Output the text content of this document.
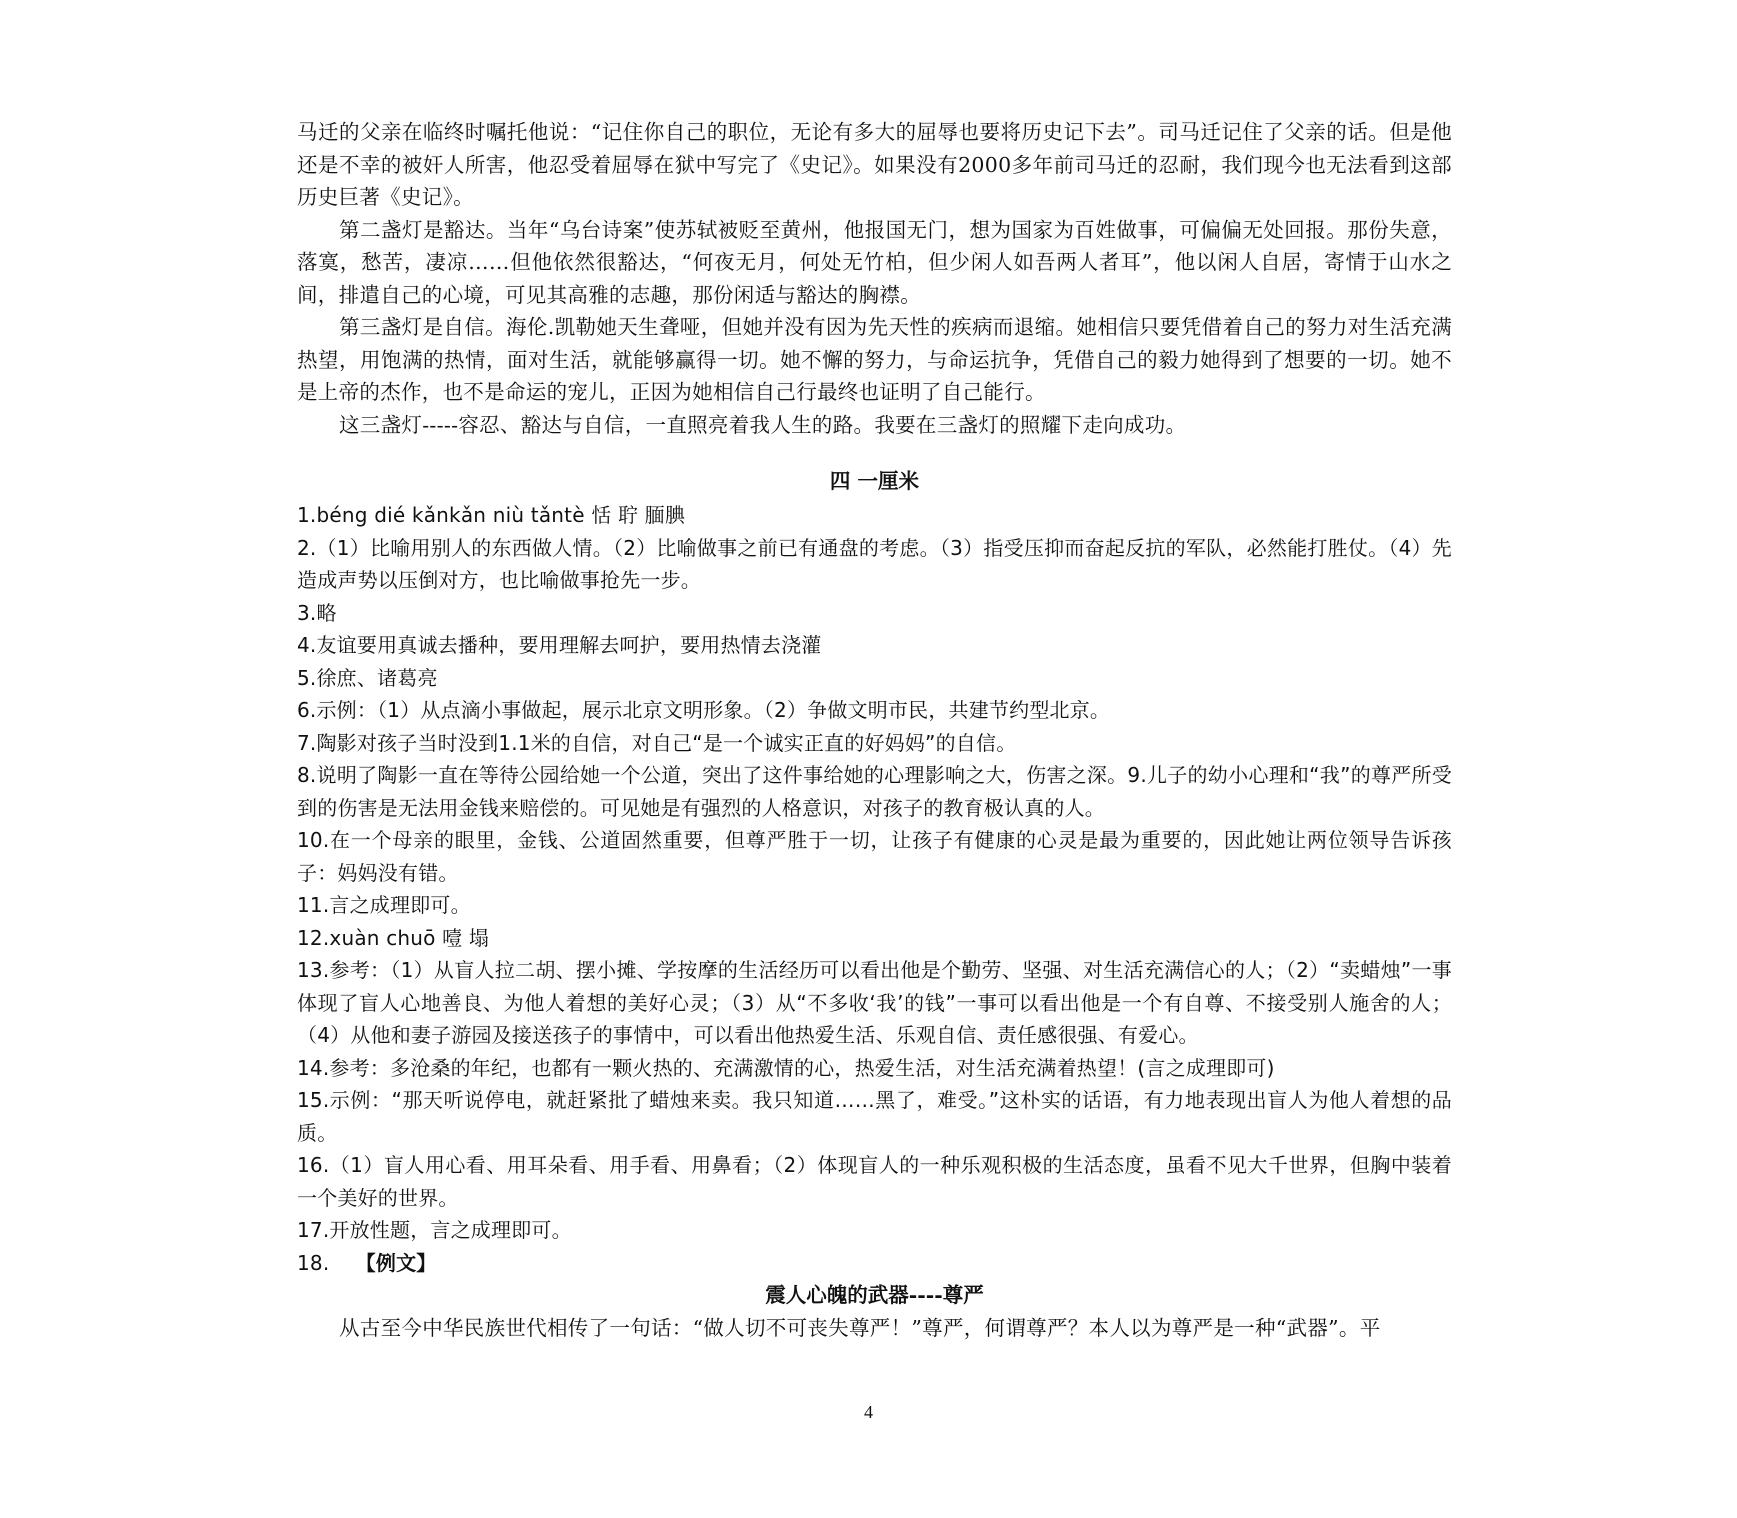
马迁的父亲在临终时嘱托他说：“记住你自己的职位，无论有多大的屈辱也要将历史记下去”。司马迁记住了父亲的话。但是他还是不幸的被奸人所害，他忍受着屈辱在狱中写完了《史记》。如果没有2000多年前司马迁的忍耐，我们现今也无法看到这部历史巨著《史记》。

第二盏灯是豁达。当年“乌台诗案”使苏轼被贬至黄州，他报国无门，想为国家为百姓做事，可偏偏无处回报。那份失意，落寞，愁苦，凄凉……但他依然很豁达，“何夜无月，何处无竹柏，但少闲人如吾两人者耳”，他以闲人自居，寄情于山水之间，排遣自己的心境，可见其高雅的志趣，那份闲适与豁达的胸襟。

第三盏灯是自信。海伦.凯勒她天生聋哑，但她并没有因为先天性的疾病而退缩。她相信只要凭借着自己的努力对生活充满热望，用饱满的热情，面对生活，就能够赢得一切。她不懈的努力，与命运抗争，凭借自己的毅力她得到了想要的一切。她不是上帝的杰作，也不是命运的宠儿，正因为她相信自己行最终也证明了自己能行。

这三盏灯-----容忍、豁达与自信，一直照亮着我人生的路。我要在三盏灯的照耀下走向成功。

四 一厘米

1.béng dié kǎnkǎn niù tǎntè 恬 聍 腼腆

2.（1）比喻用别人的东西做人情。（2）比喻做事之前已有通盘的考虑。（3）指受压抑而奋起反抗的军队，必然能打胜仗。（4）先造成声势以压倒对方，也比喻做事抢先一步。

3.略

4.友谊要用真诚去播种，要用理解去呵护，要用热情去浇灌

5.徐庶、诸葛亮

6.示例：（1）从点滴小事做起，展示北京文明形象。（2）争做文明市民，共建节约型北京。

7.陶影对孩子当时没到1.1米的自信，对自己“是一个诚实正直的好妈妈”的自信。

8.说明了陶影一直在等待公园给她一个公道，突出了这件事给她的心理影响之大，伤害之深。9.儿子的幼小心理和“我”的尊严所受到的伤害是无法用金钱来赔偿的。可见她是有强烈的人格意识，对孩子的教育极认真的人。

10.在一个母亲的眼里，金钱、公道固然重要，但尊严胜于一切，让孩子有健康的心灵是最为重要的，因此她让两位领导告诉孩子：妈妈没有错。

11.言之成理即可。

12.xuàn chuō 噎 塌

13.参考：（1）从盲人拉二胡、摆小摊、学按摩的生活经历可以看出他是个勤劳、坚强、对生活充满信心的人；（2）“卖蜡烛”一事体现了盲人心地善良、为他人着想的美好心灵；（3）从“不多收‘我’的钱”一事可以看出他是一个有自尊、不接受别人施舍的人；（4）从他和妻子游园及接送孩子的事情中，可以看出他热爱生活、乐观自信、责任感很强、有爱心。

14.参考：多沧桑的年纪，也都有一颗火热的、充满激情的心，热爱生活，对生活充满着热望！(言之成理即可)

15.示例：“那天听说停电，就赶紧批了蜡烛来卖。我只知道……黑了，难受。”这朴实的话语，有力地表现出盲人为他人着想的品质。

16.（1）盲人用心看、用耳朵看、用手看、用鼻看；（2）体现盲人的一种乐观积极的生活态度，虽看不见大千世界，但胸中装着一个美好的世界。

17.开放性题，言之成理即可。

18. 【例文】

震人心魄的武器----尊严

从古至今中华民族世代相传了一句话：“做人切不可丧失尊严！”尊严，何谓尊严？本人以为尊严是一种“武器”。平

4
